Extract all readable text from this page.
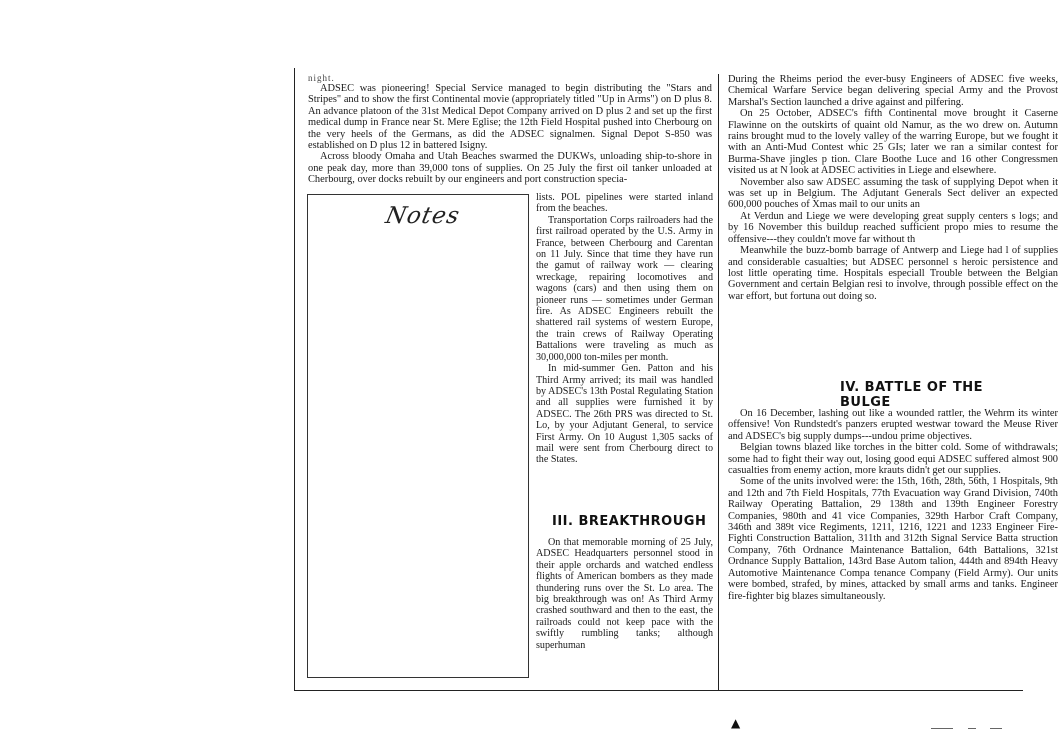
night.

ADSEC was pioneering! Special Service managed to begin distributing the "Stars and Stripes" and to show the first Continental movie (appropriately titled "Up in Arms") on D plus 8. An advance platoon of the 31st Medical Depot Company arrived on D plus 2 and set up the first medical dump in France near St. Mere Eglise; the 12th Field Hospital pushed into Cherbourg on the very heels of the Germans, as did the ADSEC signalmen. Signal Depot S-850 was established on D plus 12 in battered Isigny.

Across bloody Omaha and Utah Beaches swarmed the DUKWs, unloading ship-to-shore in one peak day, more than 39,000 tons of supplies. On 25 July the first oil tanker unloaded at Cherbourg, over docks rebuilt by our engineers and port construction specia-

Notes

lists. POL pipelines were started inland from the beaches.

Transportation Corps railroaders had the first railroad operated by the U.S. Army in France, between Cherbourg and Carentan on 11 July. Since that time they have run the gamut of railway work — clearing wreckage, repairing locomotives and wagons (cars) and then using them on pioneer runs — sometimes under German fire. As ADSEC Engineers rebuilt the shattered rail systems of western Europe, the train crews of Railway Operating Battalions were traveling as much as 30,000,000 ton-miles per month.

In mid-summer Gen. Patton and his Third Army arrived; its mail was handled by ADSEC's 13th Postal Regulating Station and all supplies were furnished it by ADSEC. The 26th PRS was directed to St. Lo, by your Adjutant General, to service First Army. On 10 August 1,305 sacks of mail were sent from Cherbourg direct to the States.

III. BREAKTHROUGH

On that memorable morning of 25 July, ADSEC Headquarters personnel stood in their apple orchards and watched endless flights of American bombers as they made thundering runs over the St. Lo area. The big breakthrough was on! As Third Army crashed southward and then to the east, the railroads could not keep pace with the swiftly rumbling tanks; although superhuman

During the Rheims period the ever-busy Engineers of ADSEC five weeks, Chemical Warfare Service began delivering special Army and the Provost Marshal's Section launched a drive against and pilfering.

On 25 October, ADSEC's fifth Continental move brought it Caserne Flawinne on the outskirts of quaint old Namur, as the wo drew on. Autumn rains brought mud to the lovely valley of the warring Europe, but we fought it with an Anti-Mud Contest whic 25 GIs; later we ran a similar contest for Burma-Shave jingles p tion. Clare Boothe Luce and 16 other Congressmen visited us at N look at ADSEC activities in Liege and elsewhere.

November also saw ADSEC assuming the task of supplying Depot when it was set up in Belgium. The Adjutant Generals Sect deliver an expected 600,000 pouches of Xmas mail to our units an

At Verdun and Liege we were developing great supply centers s logs; and by 16 November this buildup reached sufficient propo mies to resume the offensive---they couldn't move far without th

Meanwhile the buzz-bomb barrage of Antwerp and Liege had l of supplies and considerable casualties; but ADSEC personnel s heroic persistence and lost little operating time. Hospitals especiall Trouble between the Belgian Government and certain Belgian resi to involve, through possible effect on the war effort, but fortuna out doing so.

IV. BATTLE OF THE BULGE

On 16 December, lashing out like a wounded rattler, the Wehrm its winter offensive! Von Rundstedt's panzers erupted westwar toward the Meuse River and ADSEC's big supply dumps---undou prime objectives.

Belgian towns blazed like torches in the bitter cold. Some of withdrawals; some had to fight their way out, losing good equi ADSEC suffered almost 900 casualties from enemy action, more krauts didn't get our supplies.

Some of the units involved were: the 15th, 16th, 28th, 56th, 1 Hospitals, 9th and 12th and 7th Field Hospitals, 77th Evacuation way Grand Division, 740th Railway Operating Battalion, 29 138th and 139th Engineer Forestry Companies, 980th and 41 vice Companies, 329th Harbor Craft Company, 346th and 389t vice Regiments, 1211, 1216, 1221 and 1233 Engineer Fire-Fighti Construction Battalion, 311th and 312th Signal Service Batta struction Company, 76th Ordnance Maintenance Battalion, 64th Battalions, 321st Ordnance Supply Battalion, 143rd Base Autom talion, 444th and 894th Heavy Automotive Maintenance Compa tenance Company (Field Army). Our units were bombed, strafed, by mines, attacked by small arms and tanks. Engineer fire-fighter big blazes simultaneously.

▲
